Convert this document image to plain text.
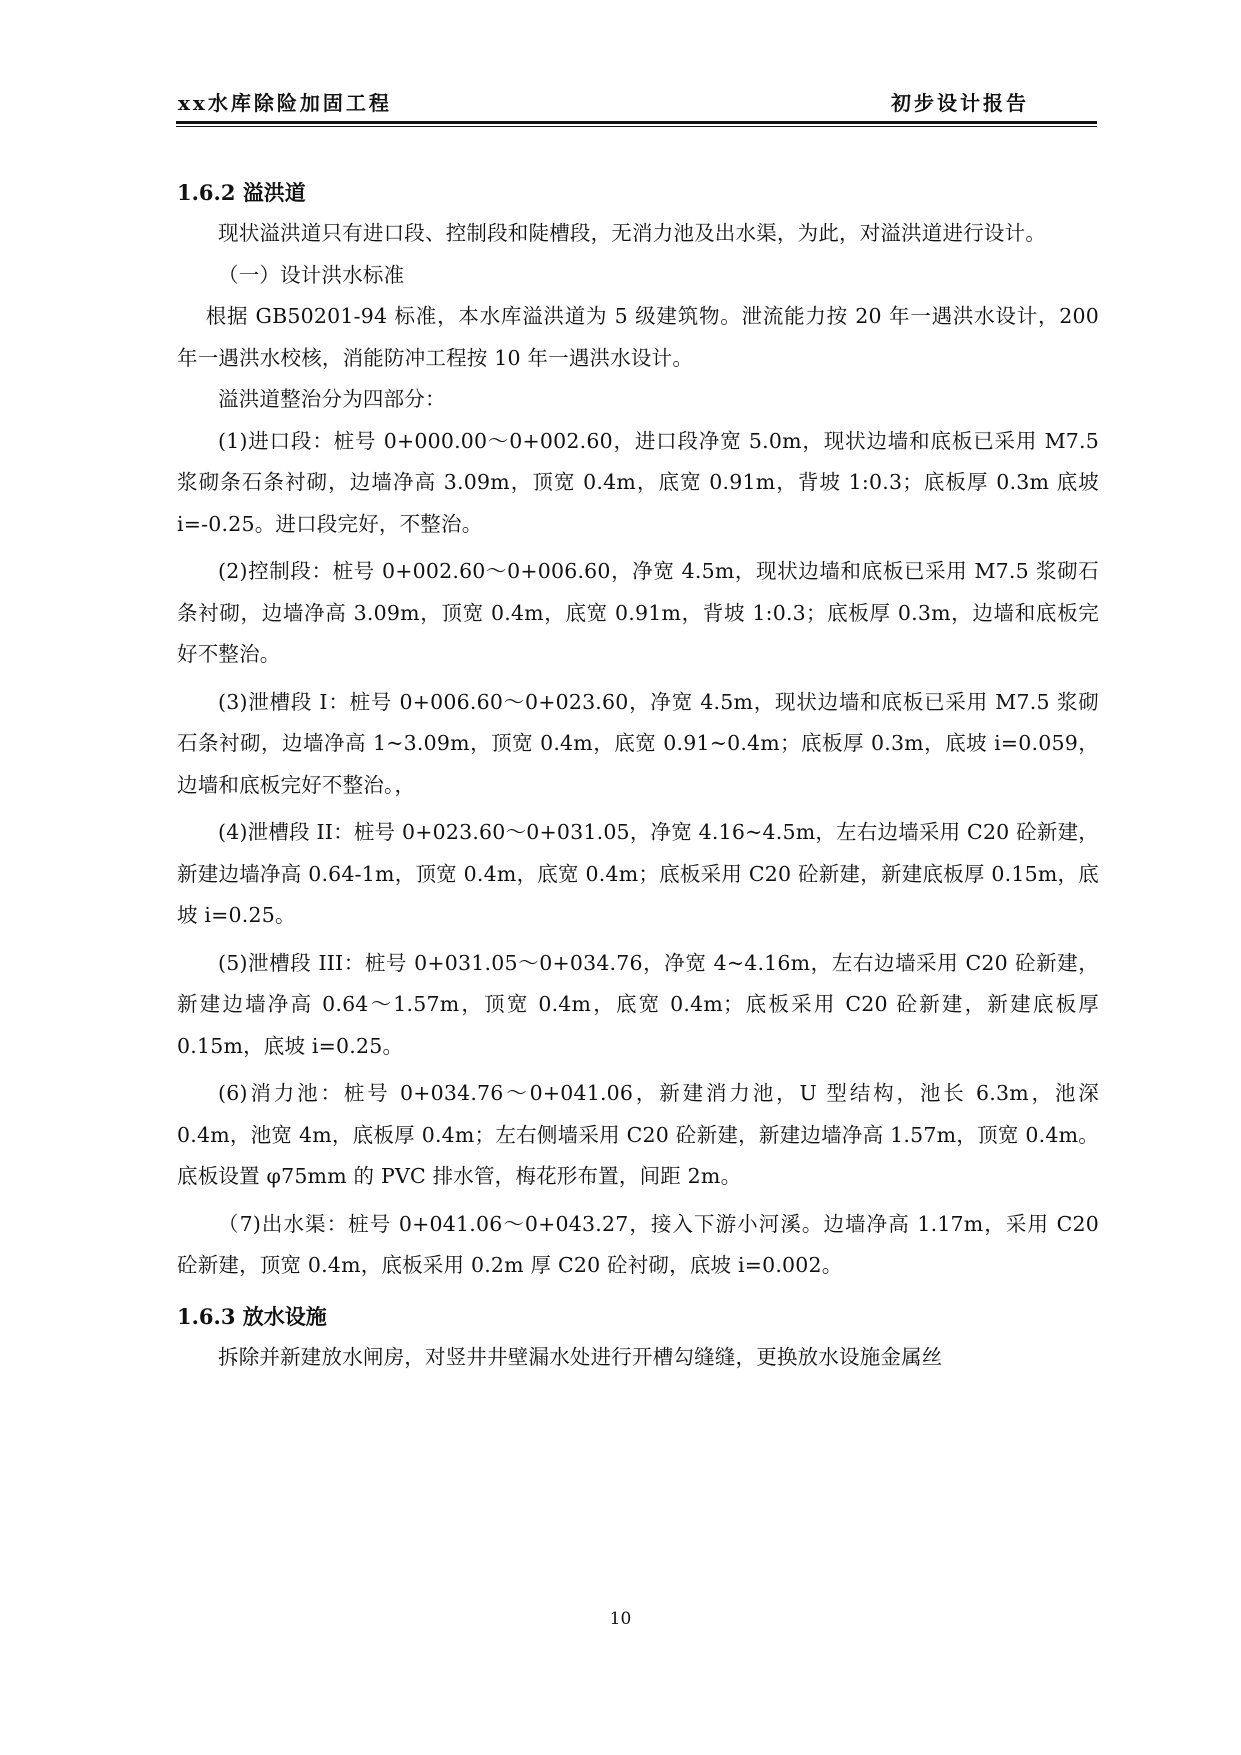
xx水库除险加固工程	初步设计报告
1.6.2 溢洪道

现状溢洪道只有进口段、控制段和陡槽段，无消力池及出水渠，为此，对溢洪道进行设计。

（一）设计洪水标准

根据 GB50201-94 标准，本水库溢洪道为 5 级建筑物。泄流能力按 20 年一遇洪水设计，200 年一遇洪水校核，消能防冲工程按 10 年一遇洪水设计。

溢洪道整治分为四部分：

(1)进口段：桩号 0+000.00～0+002.60，进口段净宽 5.0m，现状边墙和底板已采用 M7.5 浆砌条石条衬砌，边墙净高 3.09m，顶宽 0.4m，底宽 0.91m，背坡 1:0.3；底板厚 0.3m 底坡 i=-0.25。进口段完好，不整治。

(2)控制段：桩号 0+002.60～0+006.60，净宽 4.5m，现状边墙和底板已采用 M7.5 浆砌石条衬砌，边墙净高 3.09m，顶宽 0.4m，底宽 0.91m，背坡 1:0.3；底板厚 0.3m，边墙和底板完好不整治。

(3)泄槽段 I：桩号 0+006.60～0+023.60，净宽 4.5m，现状边墙和底板已采用 M7.5 浆砌石条衬砌，边墙净高 1~3.09m，顶宽 0.4m，底宽 0.91~0.4m；底板厚 0.3m，底坡 i=0.059，边墙和底板完好不整治。，

(4)泄槽段 II：桩号 0+023.60～0+031.05，净宽 4.16~4.5m，左右边墙采用 C20 砼新建，新建边墙净高 0.64-1m，顶宽 0.4m，底宽 0.4m；底板采用 C20 砼新建，新建底板厚 0.15m，底坡 i=0.25。

(5)泄槽段 III：桩号 0+031.05～0+034.76，净宽 4~4.16m，左右边墙采用 C20 砼新建，新建边墙净高 0.64～1.57m，顶宽 0.4m，底宽 0.4m；底板采用 C20 砼新建，新建底板厚 0.15m，底坡 i=0.25。

(6)消力池：桩号 0+034.76～0+041.06，新建消力池，U 型结构，池长 6.3m，池深 0.4m，池宽 4m，底板厚 0.4m；左右侧墙采用 C20 砼新建，新建边墙净高 1.57m，顶宽 0.4m。底板设置 φ75mm 的 PVC 排水管，梅花形布置，间距 2m。

（7)出水渠：桩号 0+041.06～0+043.27，接入下游小河溪。边墙净高 1.17m，采用 C20 砼新建，顶宽 0.4m，底板采用 0.2m 厚 C20 砼衬砌，底坡 i=0.002。

1.6.3 放水设施

拆除并新建放水闸房，对竖井井壁漏水处进行开槽勾缝缝，更换放水设施金属丝

10
